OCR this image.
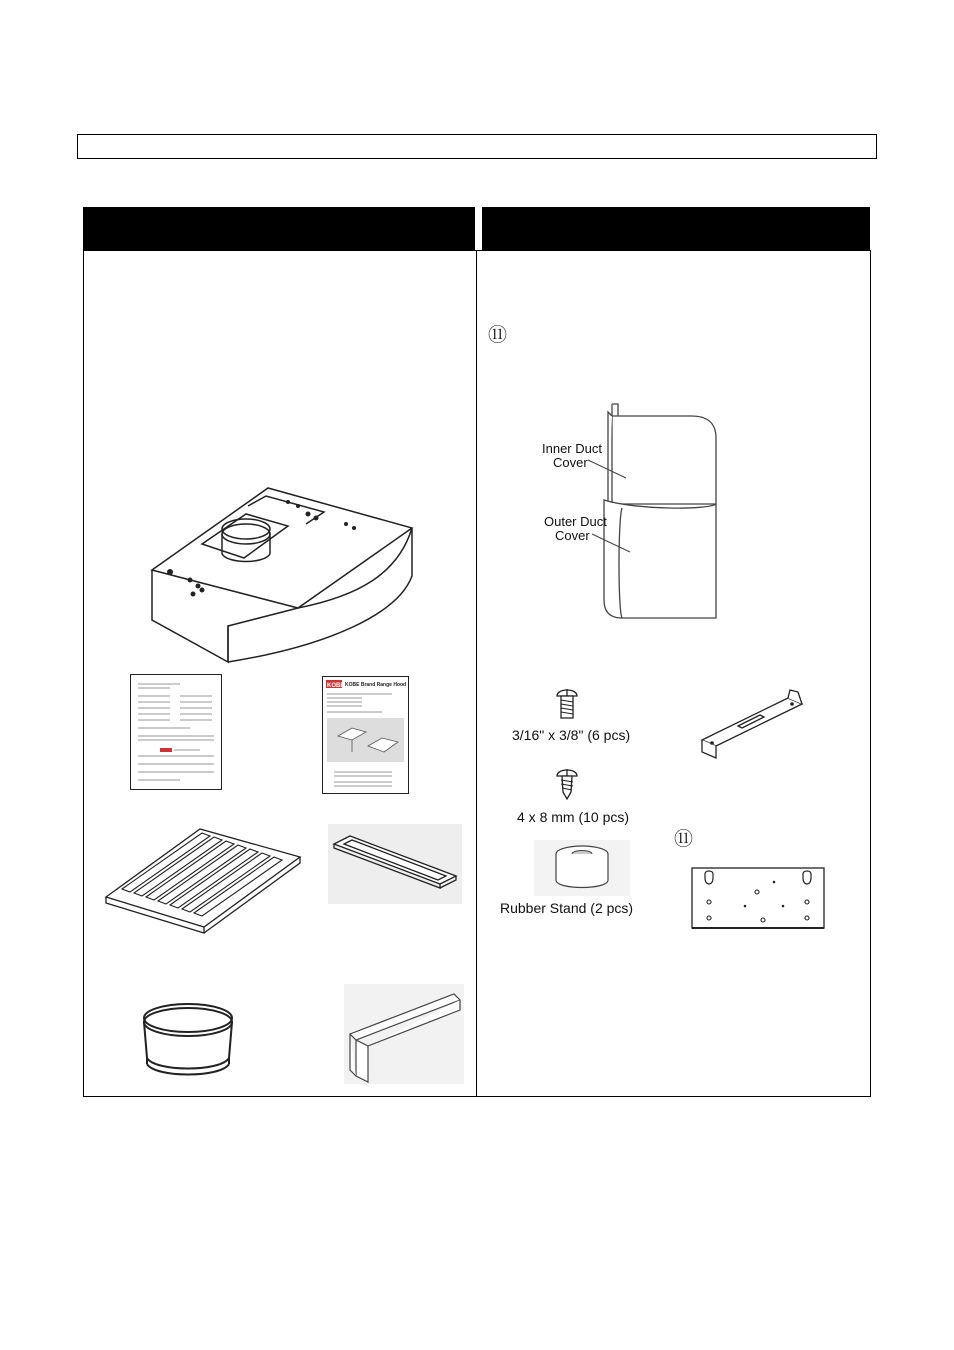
KOBE KOBE Brand Range Hood
⑪
Inner Duct
Cover
Outer Duct
Cover
3/16" x 3/8" (6 pcs)
4 x 8 mm (10 pcs)
Rubber Stand (2 pcs)
⑪
